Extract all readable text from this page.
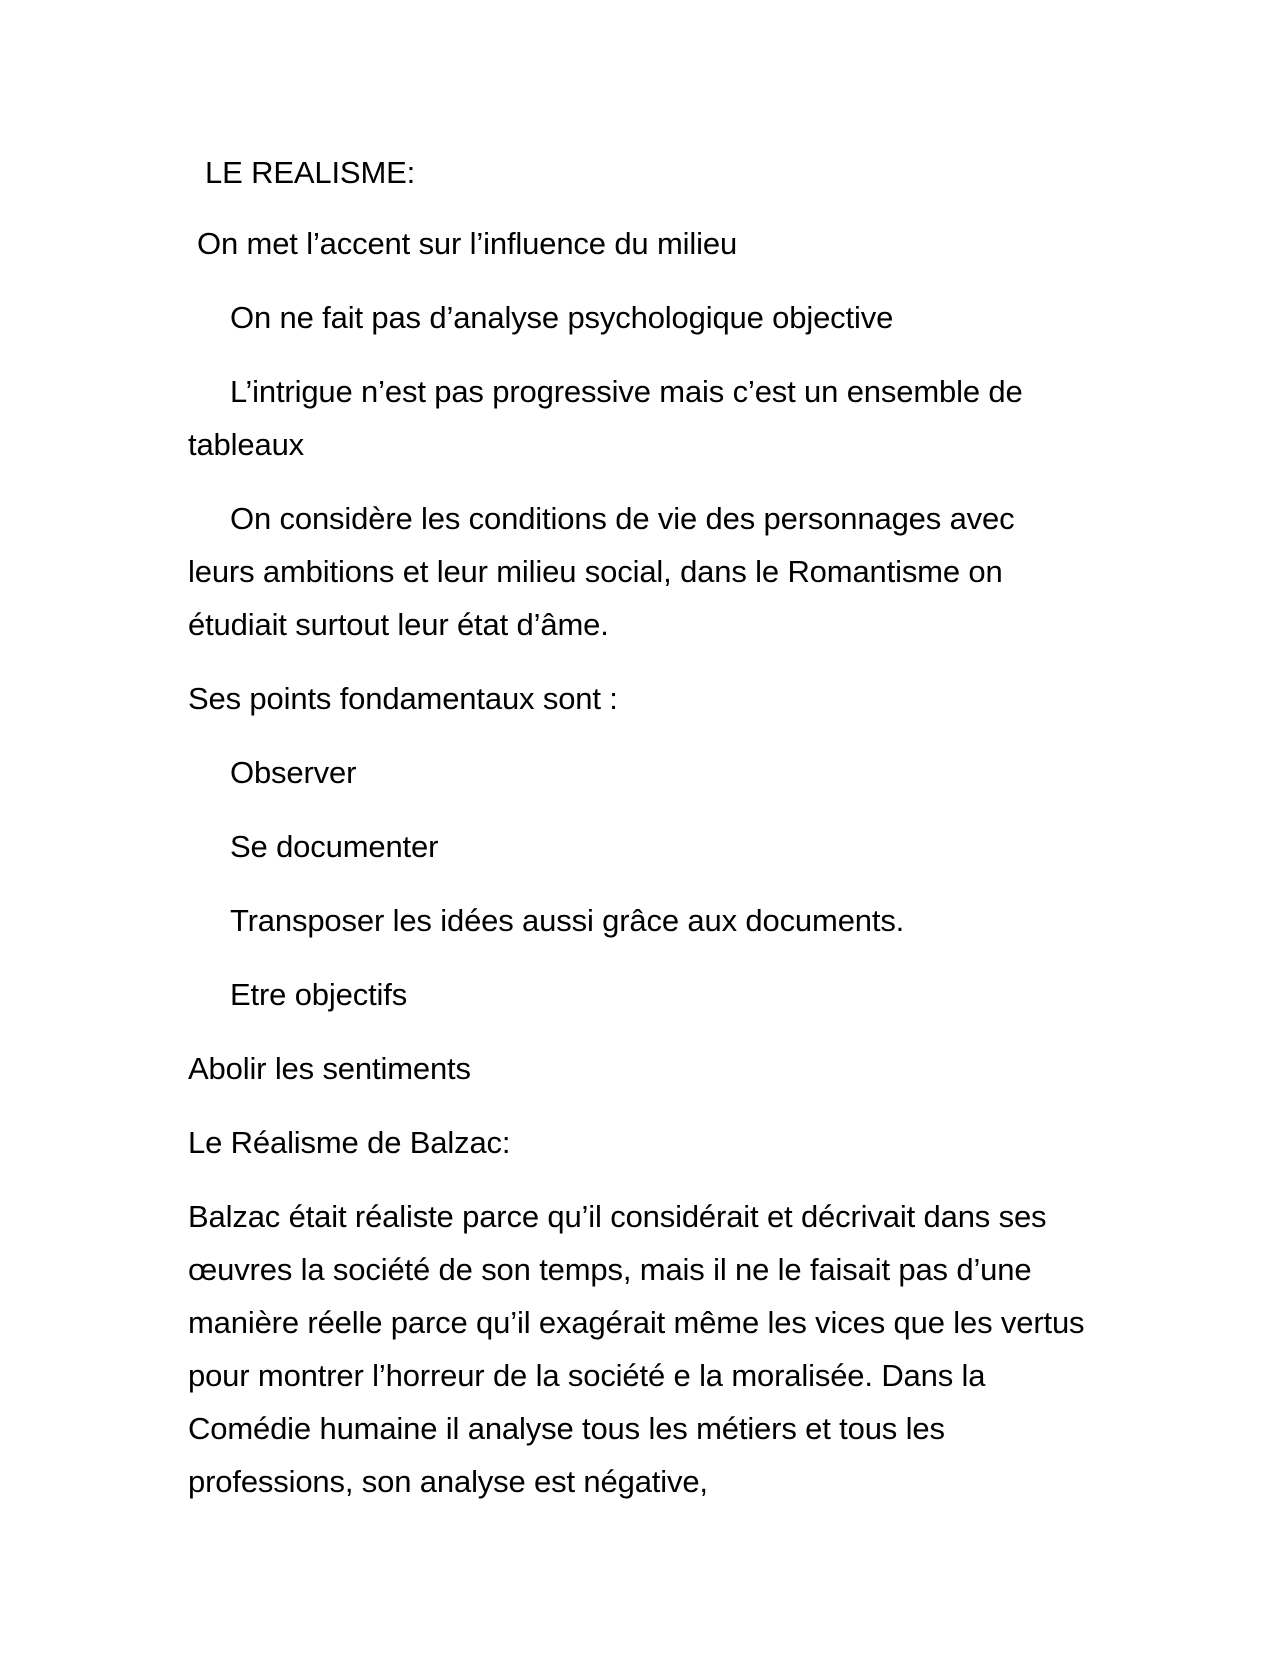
LE REALISME:

On met l’accent sur l’influence du milieu

On ne fait pas d’analyse psychologique objective

L’intrigue n’est pas progressive mais c’est un ensemble de tableaux

On considère les conditions de vie des personnages avec leurs ambitions et leur milieu social, dans le Romantisme on étudiait surtout leur état d’âme.

Ses points fondamentaux sont :

Observer

Se documenter

Transposer les idées aussi grâce aux documents.

Etre objectifs

Abolir les sentiments

Le Réalisme de Balzac:

Balzac était réaliste parce qu’il considérait et décrivait dans ses œuvres la société de son temps, mais il ne le faisait pas d’une manière réelle parce qu’il exagérait même les vices que les vertus pour montrer l’horreur de la société e la moralisée. Dans la Comédie humaine il analyse tous les métiers et tous les professions, son analyse est négative,
